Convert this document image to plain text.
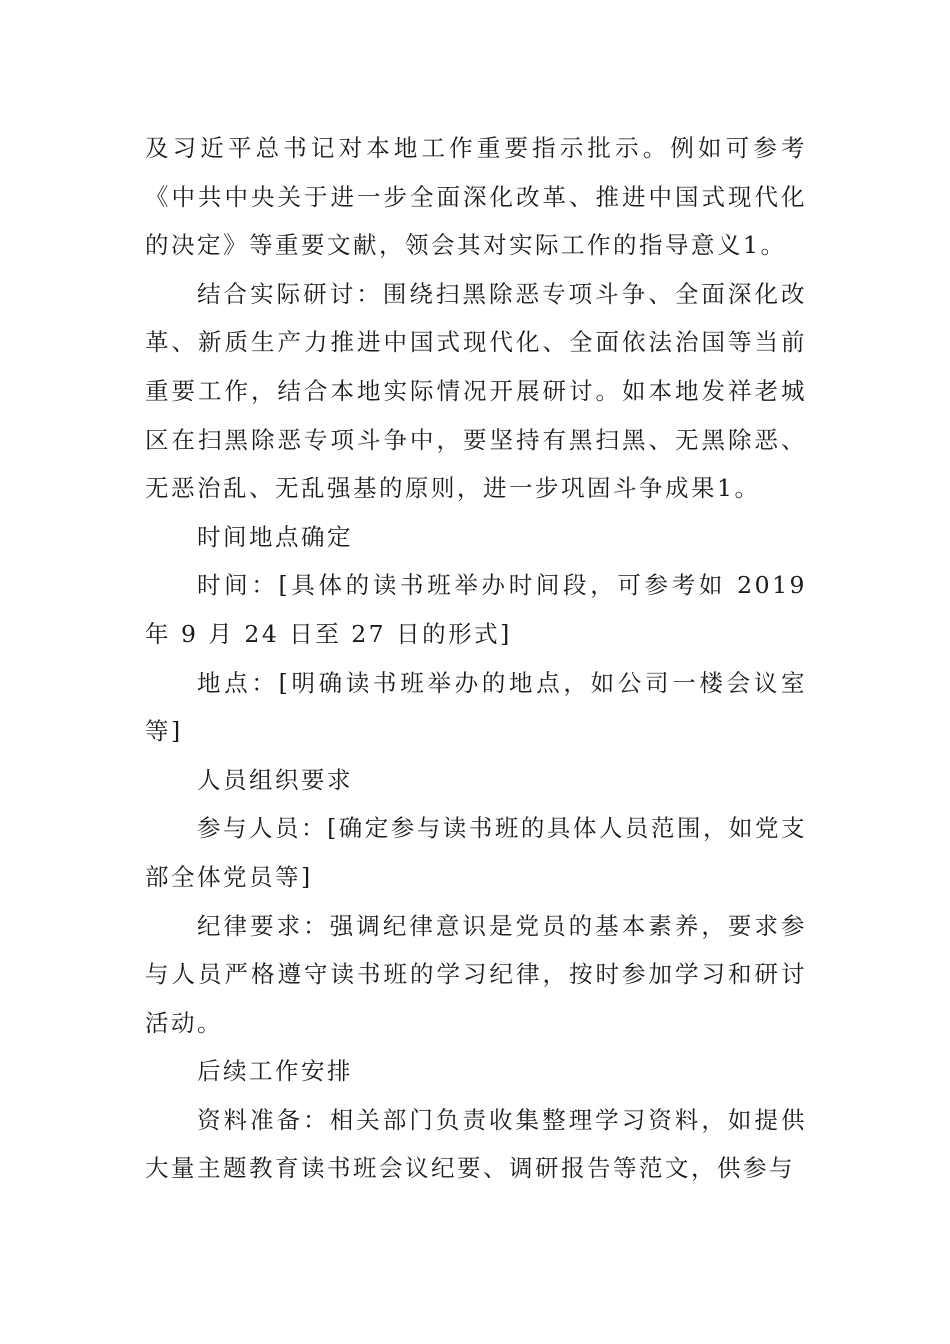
及习近平总书记对本地工作重要指示批示。例如可参考《中共中央关于进一步全面深化改革、推进中国式现代化的决定》等重要文献，领会其对实际工作的指导意义1。

结合实际研讨：围绕扫黑除恶专项斗争、全面深化改革、新质生产力推进中国式现代化、全面依法治国等当前重要工作，结合本地实际情况开展研讨。如本地发祥老城区在扫黑除恶专项斗争中，要坚持有黑扫黑、无黑除恶、无恶治乱、无乱强基的原则，进一步巩固斗争成果1。

时间地点确定

时间：[具体的读书班举办时间段，可参考如 2019 年 9 月 24 日至 27 日的形式]

地点：[明确读书班举办的地点，如公司一楼会议室等]

人员组织要求

参与人员：[确定参与读书班的具体人员范围，如党支部全体党员等]

纪律要求：强调纪律意识是党员的基本素养，要求参与人员严格遵守读书班的学习纪律，按时参加学习和研讨活动。

后续工作安排

资料准备：相关部门负责收集整理学习资料，如提供大量主题教育读书班会议纪要、调研报告等范文，供参与
